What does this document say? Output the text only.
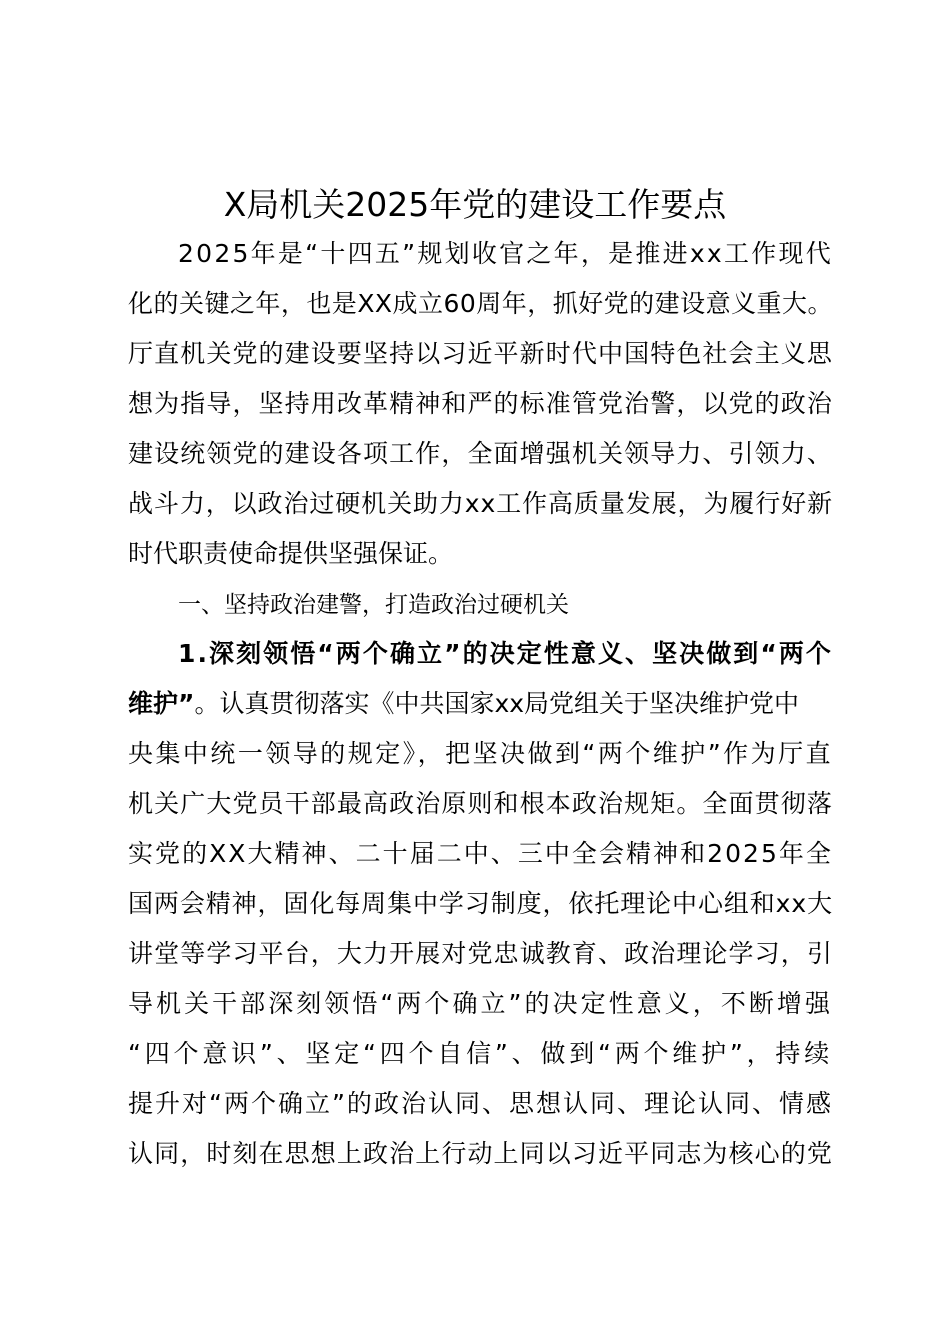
X局机关2025年党的建设工作要点
2025年是“十四五”规划收官之年，是推进xx工作现代
化的关键之年，也是XX成立60周年，抓好党的建设意义重大。
厅直机关党的建设要坚持以习近平新时代中国特色社会主义思
想为指导，坚持用改革精神和严的标准管党治警，以党的政治
建设统领党的建设各项工作，全面增强机关领导力、引领力、
战斗力，以政治过硬机关助力xx工作高质量发展，为履行好新
时代职责使命提供坚强保证。
一、坚持政治建警，打造政治过硬机关
1.深刻领悟“两个确立”的决定性意义、坚决做到“两个
维护” 。认真贯彻落实《中共国家xx局党组关于坚决维护党中
央集中统一领导的规定》，把坚决做到“两个维护”作为厅直
机关广大党员干部最高政治原则和根本政治规矩。全面贯彻落
实党的XX大精神、二十届二中、三中全会精神和2025年全
国两会精神，固化每周集中学习制度，依托理论中心组和xx大
讲堂等学习平台，大力开展对党忠诚教育、政治理论学习，引
导机关干部深刻领悟“两个确立”的决定性意义，不断增强
“四个意识”、坚定“四个自信”、做到“两个维护”，持续
提升对“两个确立”的政治认同、思想认同、理论认同、情感
认同，时刻在思想上政治上行动上同以习近平同志为核心的党
